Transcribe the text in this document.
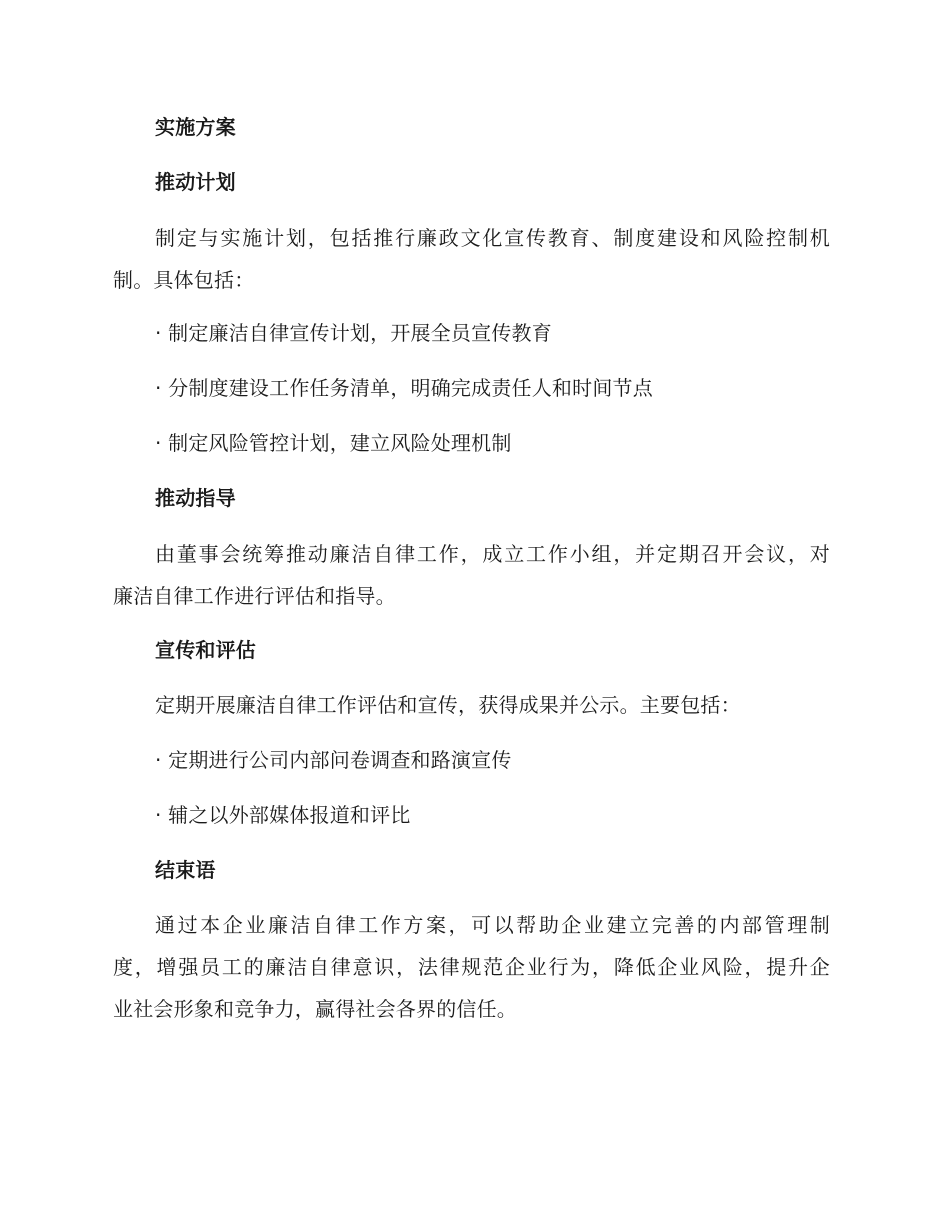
实施方案
推动计划
制定与实施计划，包括推行廉政文化宣传教育、制度建设和风险控制机
制。具体包括：
· 制定廉洁自律宣传计划，开展全员宣传教育
· 分制度建设工作任务清单，明确完成责任人和时间节点
· 制定风险管控计划，建立风险处理机制
推动指导
由董事会统筹推动廉洁自律工作，成立工作小组，并定期召开会议，对
廉洁自律工作进行评估和指导。
宣传和评估
定期开展廉洁自律工作评估和宣传，获得成果并公示。主要包括：
· 定期进行公司内部问卷调查和路演宣传
· 辅之以外部媒体报道和评比
结束语
通过本企业廉洁自律工作方案，可以帮助企业建立完善的内部管理制
度，增强员工的廉洁自律意识，法律规范企业行为，降低企业风险，提升企
业社会形象和竞争力，赢得社会各界的信任。
